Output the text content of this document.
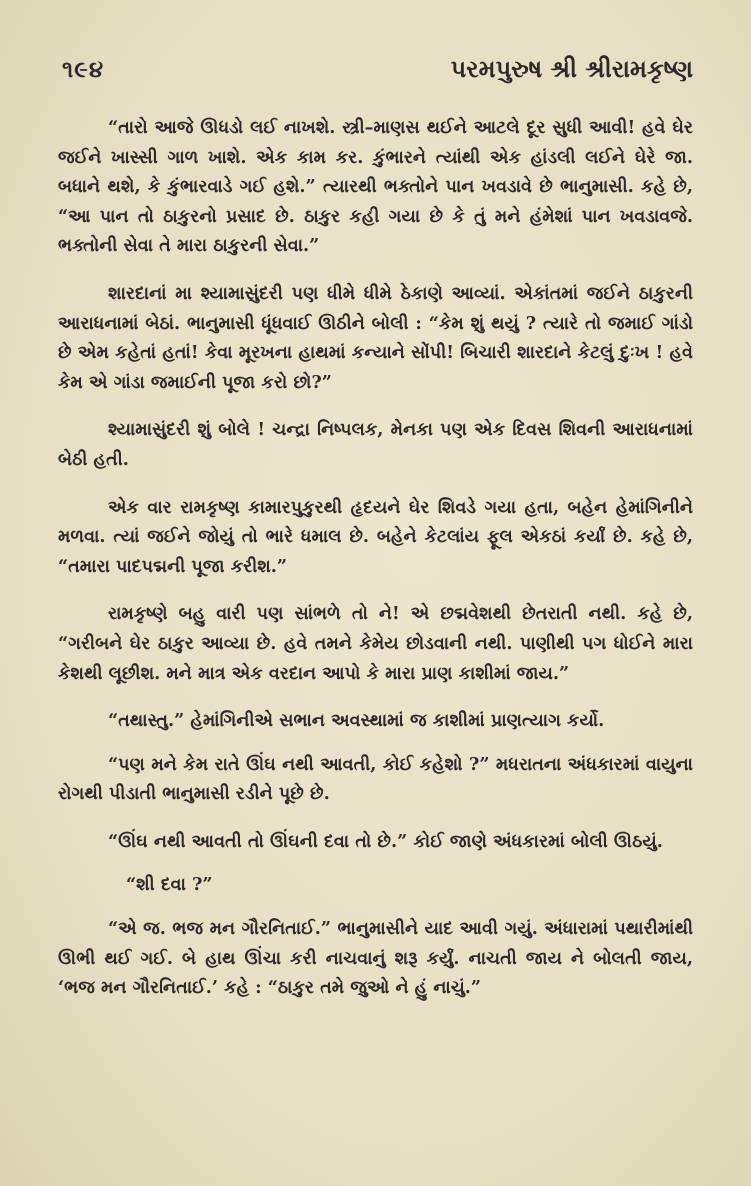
૧૯૪	પરમપુરુષ શ્રી શ્રીરામકૃષ્ણ

“તારો આજે ઊધડો લઈ નાખશે. સ્ત્રી–માણસ થઈને આટલે દૂર સુધી આવી! હવે ઘેર જઈને ખાસ્સી ગાળ ખાશે. એક કામ કર. કુંભારને ત્યાંથી એક હાંડલી લઈને ઘેરે જા. બધાને થશે, કે કુંભારવાડે ગઈ હશે.” ત્યારથી ભક્તોને પાન ખવડાવે છે ભાનુમાસી. કહે છે, “આ પાન તો ઠાકુરનો પ્રસાદ છે. ઠાકુર કહી ગયા છે કે તું મને હંમેશાં પાન ખવડાવજે. ભક્તોની સેવા તે મારા ઠાકુરની સેવા.”

શારદાનાં મા શ્યામાસુંદરી પણ ધીમે ધીમે ઠેકાણે આવ્યાં. એકાંતમાં જઈને ઠાકુરની આરાધનામાં બેઠાં. ભાનુમાસી ધૂંધવાઈ ઊઠીને બોલી : “કેમ શું થયું ? ત્યારે તો જમાઈ ગાંડો છે એમ કહેતાં હતાં! કેવા મૂરખના હાથમાં કન્યાને સોંપી! બિચારી શારદાને કેટલું દુઃખ ! હવે કેમ એ ગાંડા જમાઈની પૂજા કરો છો?”

શ્યામાસુંદરી શું બોલે ! ચન્દ્રા નિષ્પલક, મેનકા પણ એક દિવસ શિવની આરાધનામાં બેઠી હતી.

એક વાર રામકૃષ્ણ કામારપુકુરથી હૃદયને ઘેર શિવડે ગયા હતા, બહેન હેમાંગિનીને મળવા. ત્યાં જઈને જોયું તો ભારે ધમાલ છે. બહેને કેટલાંય ફૂલ એકઠાં કર્યાં છે. કહે છે, “તમારા પાદપદ્મની પૂજા કરીશ.”

રામકૃષ્ણે બહુ વારી પણ સાંભળે તો ને! એ છદ્મવેશથી છેતરાતી નથી. કહે છે, “ગરીબને ઘેર ઠાકુર આવ્યા છે. હવે તમને કેમેય છોડવાની નથી. પાણીથી પગ ધોઈને મારા કેશથી લૂછીશ. મને માત્ર એક વરદાન આપો કે મારા પ્રાણ કાશીમાં જાય.”

“તથાસ્તુ.” હેમાંગિનીએ સભાન અવસ્થામાં જ કાશીમાં પ્રાણત્યાગ કર્યો.

“પણ મને કેમ રાતે ઊંઘ નથી આવતી, કોઈ કહેશો ?” મધરાતના અંધકારમાં વાયુના રોગથી પીડાતી ભાનુમાસી રડીને પૂછે છે.

“ઊંઘ નથી આવતી તો ઊંઘની દવા તો છે.” કોઈ જાણે અંધકારમાં બોલી ઊઠયું.

“શી દવા ?”

“એ જ. ભજ મન ગૌરનિતાઈ.” ભાનુમાસીને યાદ આવી ગયું. અંધારામાં પથારીમાંથી ઊભી થઈ ગઈ. બે હાથ ઊંચા કરી નાચવાનું શરૂ કર્યું. નાચતી જાય ને બોલતી જાય, ‘ભજ મન ગૌરનિતાઈ.’ કહે : “ઠાકુર તમે જુઓ ને હું નાચું.”
